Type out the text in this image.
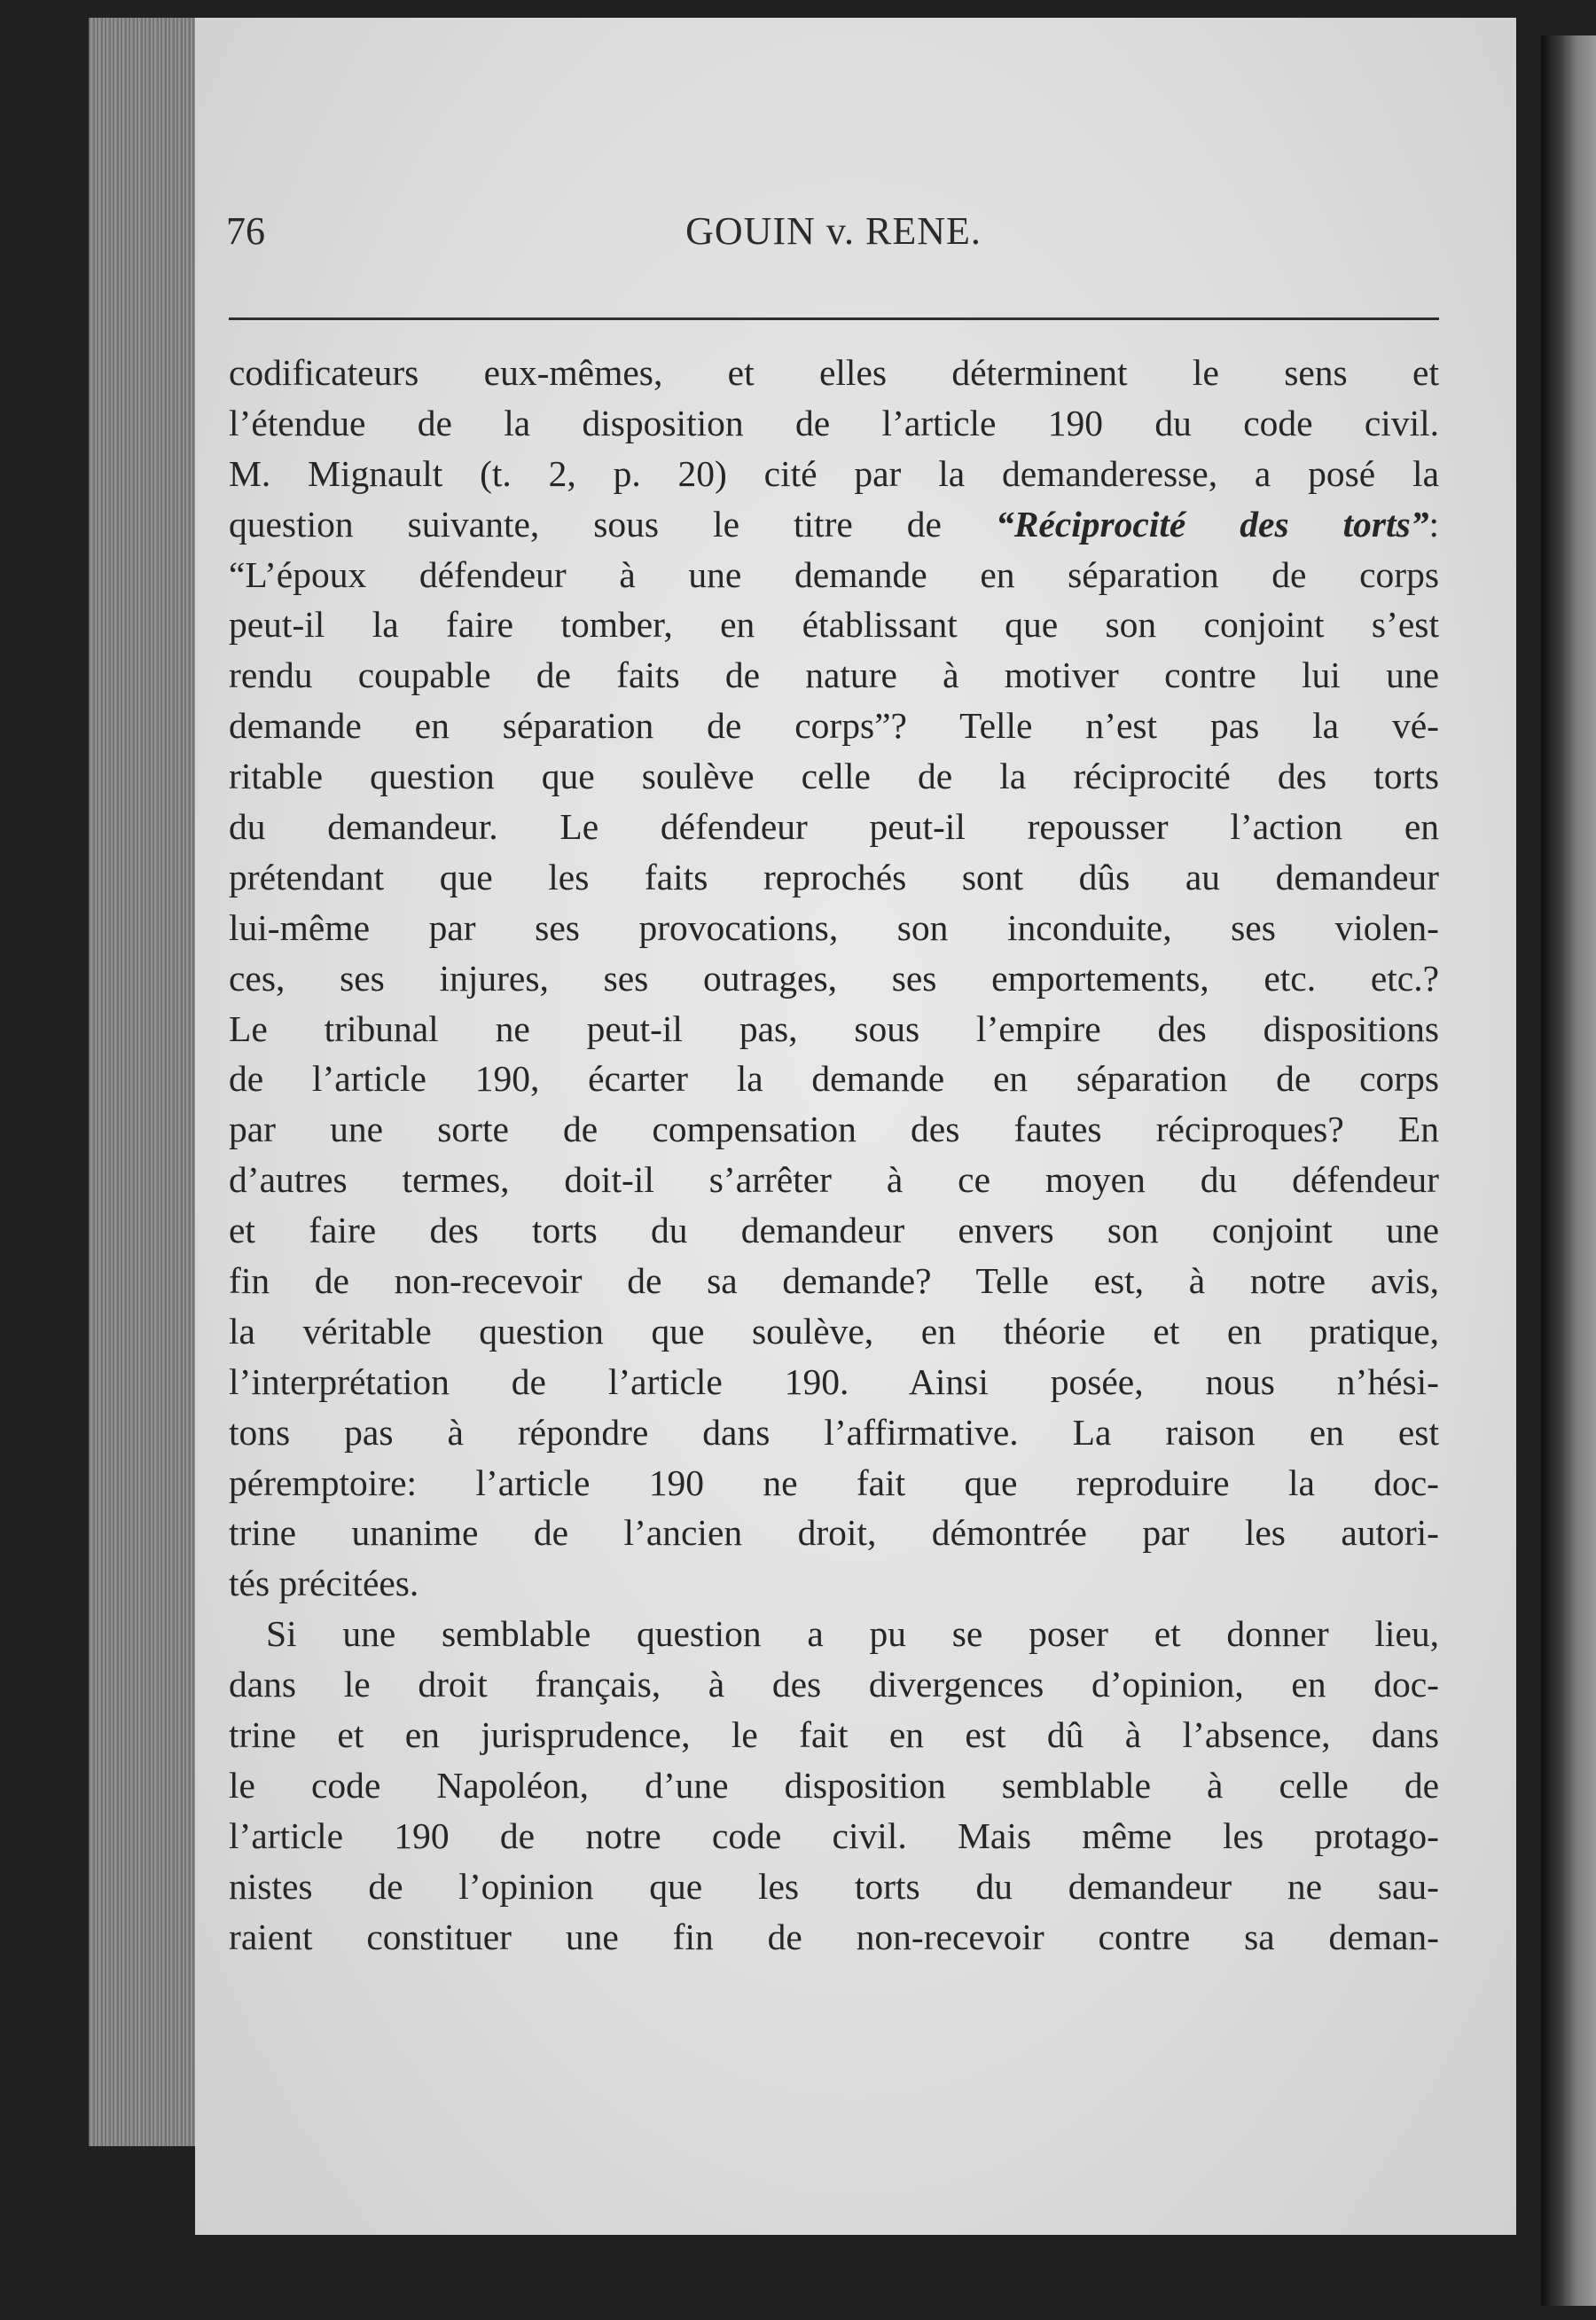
76	GOUIN v. RENE.
codificateurs eux-mêmes, et elles déterminent le sens et
l’étendue de la disposition de l’article 190 du code civil.
M. Mignault (t. 2, p. 20) cité par la demanderesse, a posé la
question suivante, sous le titre de “Réciprocité des torts”:
“L’époux défendeur à une demande en séparation de corps
peut-il la faire tomber, en établissant que son conjoint s’est
rendu coupable de faits de nature à motiver contre lui une
demande en séparation de corps”? Telle n’est pas la vé-
ritable question que soulève celle de la réciprocité des torts
du demandeur. Le défendeur peut-il repousser l’action en
prétendant que les faits reprochés sont dûs au demandeur
lui-même par ses provocations, son inconduite, ses violen-
ces, ses injures, ses outrages, ses emportements, etc. etc.?
Le tribunal ne peut-il pas, sous l’empire des dispositions
de l’article 190, écarter la demande en séparation de corps
par une sorte de compensation des fautes réciproques? En
d’autres termes, doit-il s’arrêter à ce moyen du défendeur
et faire des torts du demandeur envers son conjoint une
fin de non-recevoir de sa demande? Telle est, à notre avis,
la véritable question que soulève, en théorie et en pratique,
l’interprétation de l’article 190. Ainsi posée, nous n’hési-
tons pas à répondre dans l’affirmative. La raison en est
péremptoire: l’article 190 ne fait que reproduire la doc-
trine unanime de l’ancien droit, démontrée par les autori-
tés précitées.
Si une semblable question a pu se poser et donner lieu,
dans le droit français, à des divergences d’opinion, en doc-
trine et en jurisprudence, le fait en est dû à l’absence, dans
le code Napoléon, d’une disposition semblable à celle de
l’article 190 de notre code civil. Mais même les protago-
nistes de l’opinion que les torts du demandeur ne sau-
raient constituer une fin de non-recevoir contre sa deman-
